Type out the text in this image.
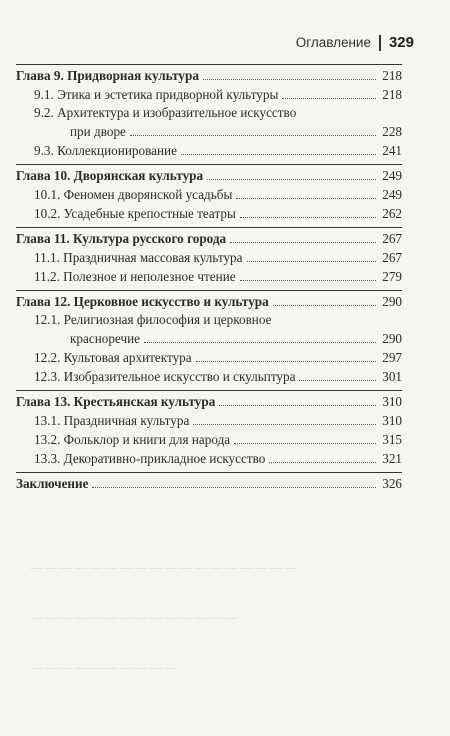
Оглавление 329
Глава 9. Придворная культура	218
9.1. Этика и эстетика придворной культуры	218
9.2. Архитектура и изобразительное искусство
при дворе	228
9.3. Коллекционирование	241
Глава 10. Дворянская культура	249
10.1. Феномен дворянской усадьбы	249
10.2. Усадебные крепостные театры	262
Глава 11. Культура русского города	267
11.1. Праздничная массовая культура	267
11.2. Полезное и неполезное чтение	279
Глава 12. Церковное искусство и культура	290
12.1. Религиозная философия и церковное
красноречие	290
12.2. Культовая архитектура	297
12.3. Изобразительное искусство и скульптура	301
Глава 13. Крестьянская культура	310
13.1. Праздничная культура	310
13.2. Фольклор и книги для народа	315
13.3. Декоративно-прикладное искусство	321
Заключение	326
— — — — — — — — — — — — — — — — — —
— — — — — — — — — — — — — —
— — — — — — — — — —
